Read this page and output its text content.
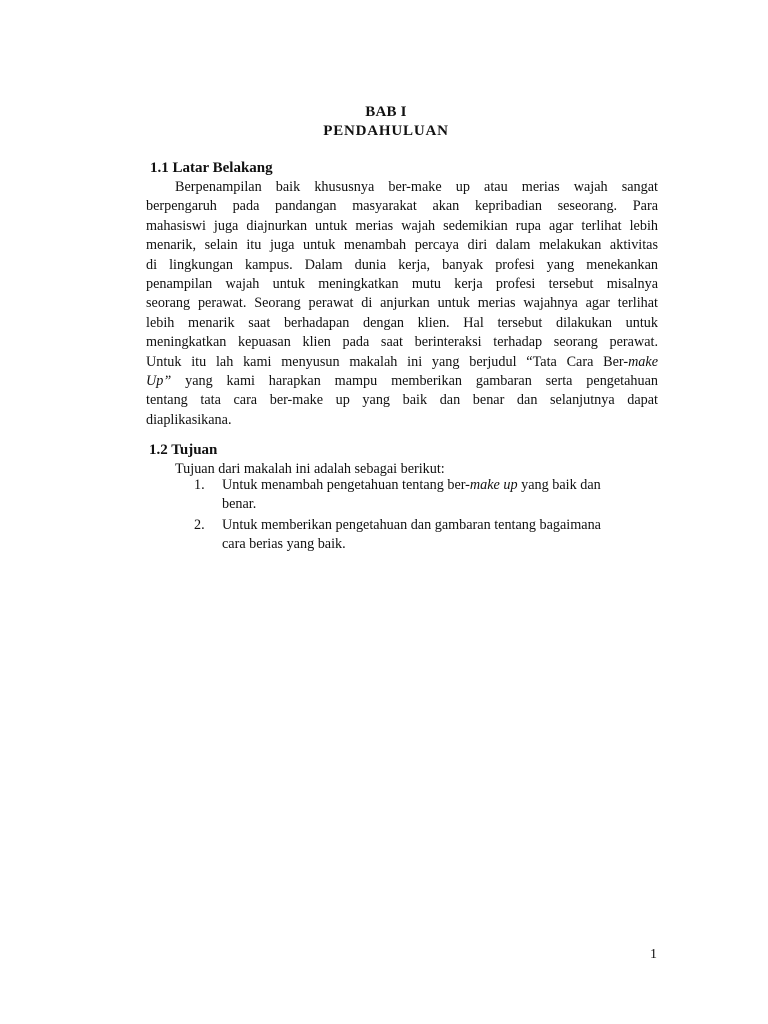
BAB I
PENDAHULUAN
1.1 Latar Belakang
Berpenampilan baik khususnya ber-make up atau merias wajah sangat
berpengaruh pada pandangan masyarakat akan kepribadian seseorang. Para
mahasiswi juga diajnurkan untuk merias wajah sedemikian rupa agar terlihat lebih
menarik, selain itu juga untuk menambah percaya diri dalam melakukan aktivitas
di lingkungan kampus. Dalam dunia kerja, banyak profesi yang menekankan
penampilan wajah untuk meningkatkan mutu kerja profesi tersebut misalnya
seorang perawat. Seorang perawat di anjurkan untuk merias wajahnya agar terlihat
lebih menarik saat berhadapan dengan klien. Hal tersebut dilakukan untuk
meningkatkan kepuasan klien pada saat berinteraksi terhadap seorang perawat.
Untuk itu lah kami menyusun makalah ini yang berjudul “Tata Cara Ber-make
Up” yang kami harapkan mampu memberikan gambaran serta pengetahuan
tentang tata cara ber-make up yang baik dan benar dan selanjutnya dapat
diaplikasikana.
1.2 Tujuan
Tujuan dari makalah ini adalah sebagai berikut:
1. Untuk menambah pengetahuan tentang ber-make up yang baik dan
benar.
2. Untuk memberikan pengetahuan dan gambaran tentang bagaimana
cara berias yang baik.
1
